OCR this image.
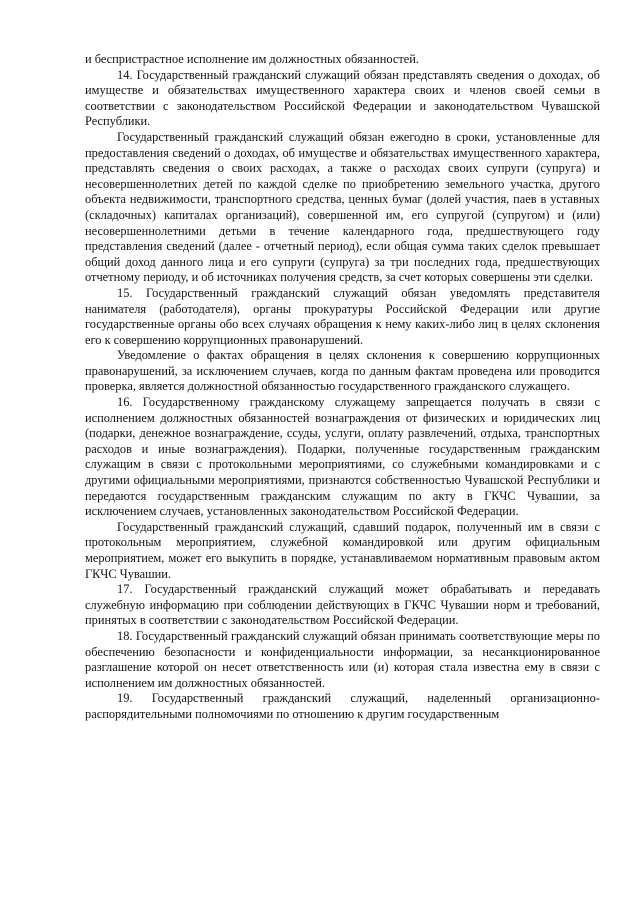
и беспристрастное исполнение им должностных обязанностей.

14. Государственный гражданский служащий обязан представлять сведения о доходах, об имуществе и обязательствах имущественного характера своих и членов своей семьи в соответствии с законодательством Российской Федерации и законодательством Чувашской Республики.

Государственный гражданский служащий обязан ежегодно в сроки, установленные для предоставления сведений о доходах, об имуществе и обязательствах имущественного характера, представлять сведения о своих расходах, а также о расходах своих супруги (супруга) и несовершеннолетних детей по каждой сделке по приобретению земельного участка, другого объекта недвижимости, транспортного средства, ценных бумаг (долей участия, паев в уставных (складочных) капиталах организаций), совершенной им, его супругой (супругом) и (или) несовершеннолетними детьми в течение календарного года, предшествующего году представления сведений (далее - отчетный период), если общая сумма таких сделок превышает общий доход данного лица и его супруги (супруга) за три последних года, предшествующих отчетному периоду, и об источниках получения средств, за счет которых совершены эти сделки.

15. Государственный гражданский служащий обязан уведомлять представителя нанимателя (работодателя), органы прокуратуры Российской Федерации или другие государственные органы обо всех случаях обращения к нему каких-либо лиц в целях склонения его к совершению коррупционных правонарушений.

Уведомление о фактах обращения в целях склонения к совершению коррупционных правонарушений, за исключением случаев, когда по данным фактам проведена или проводится проверка, является должностной обязанностью государственного гражданского служащего.

16. Государственному гражданскому служащему запрещается получать в связи с исполнением должностных обязанностей вознаграждения от физических и юридических лиц (подарки, денежное вознаграждение, ссуды, услуги, оплату развлечений, отдыха, транспортных расходов и иные вознаграждения). Подарки, полученные государственным гражданским служащим в связи с протокольными мероприятиями, со служебными командировками и с другими официальными мероприятиями, признаются собственностью Чувашской Республики и передаются государственным гражданским служащим по акту в ГКЧС Чувашии, за исключением случаев, установленных законодательством Российской Федерации.

Государственный гражданский служащий, сдавший подарок, полученный им в связи с протокольным мероприятием, служебной командировкой или другим официальным мероприятием, может его выкупить в порядке, устанавливаемом нормативным правовым актом ГКЧС Чувашии.

17. Государственный гражданский служащий может обрабатывать и передавать служебную информацию при соблюдении действующих в ГКЧС Чувашии норм и требований, принятых в соответствии с законодательством Российской Федерации.

18. Государственный гражданский служащий обязан принимать соответствующие меры по обеспечению безопасности и конфиденциальности информации, за несанкционированное разглашение которой он несет ответственность или (и) которая стала известна ему в связи с исполнением им должностных обязанностей.

19. Государственный гражданский служащий, наделенный организационно-распорядительными полномочиями по отношению к другим государственным
